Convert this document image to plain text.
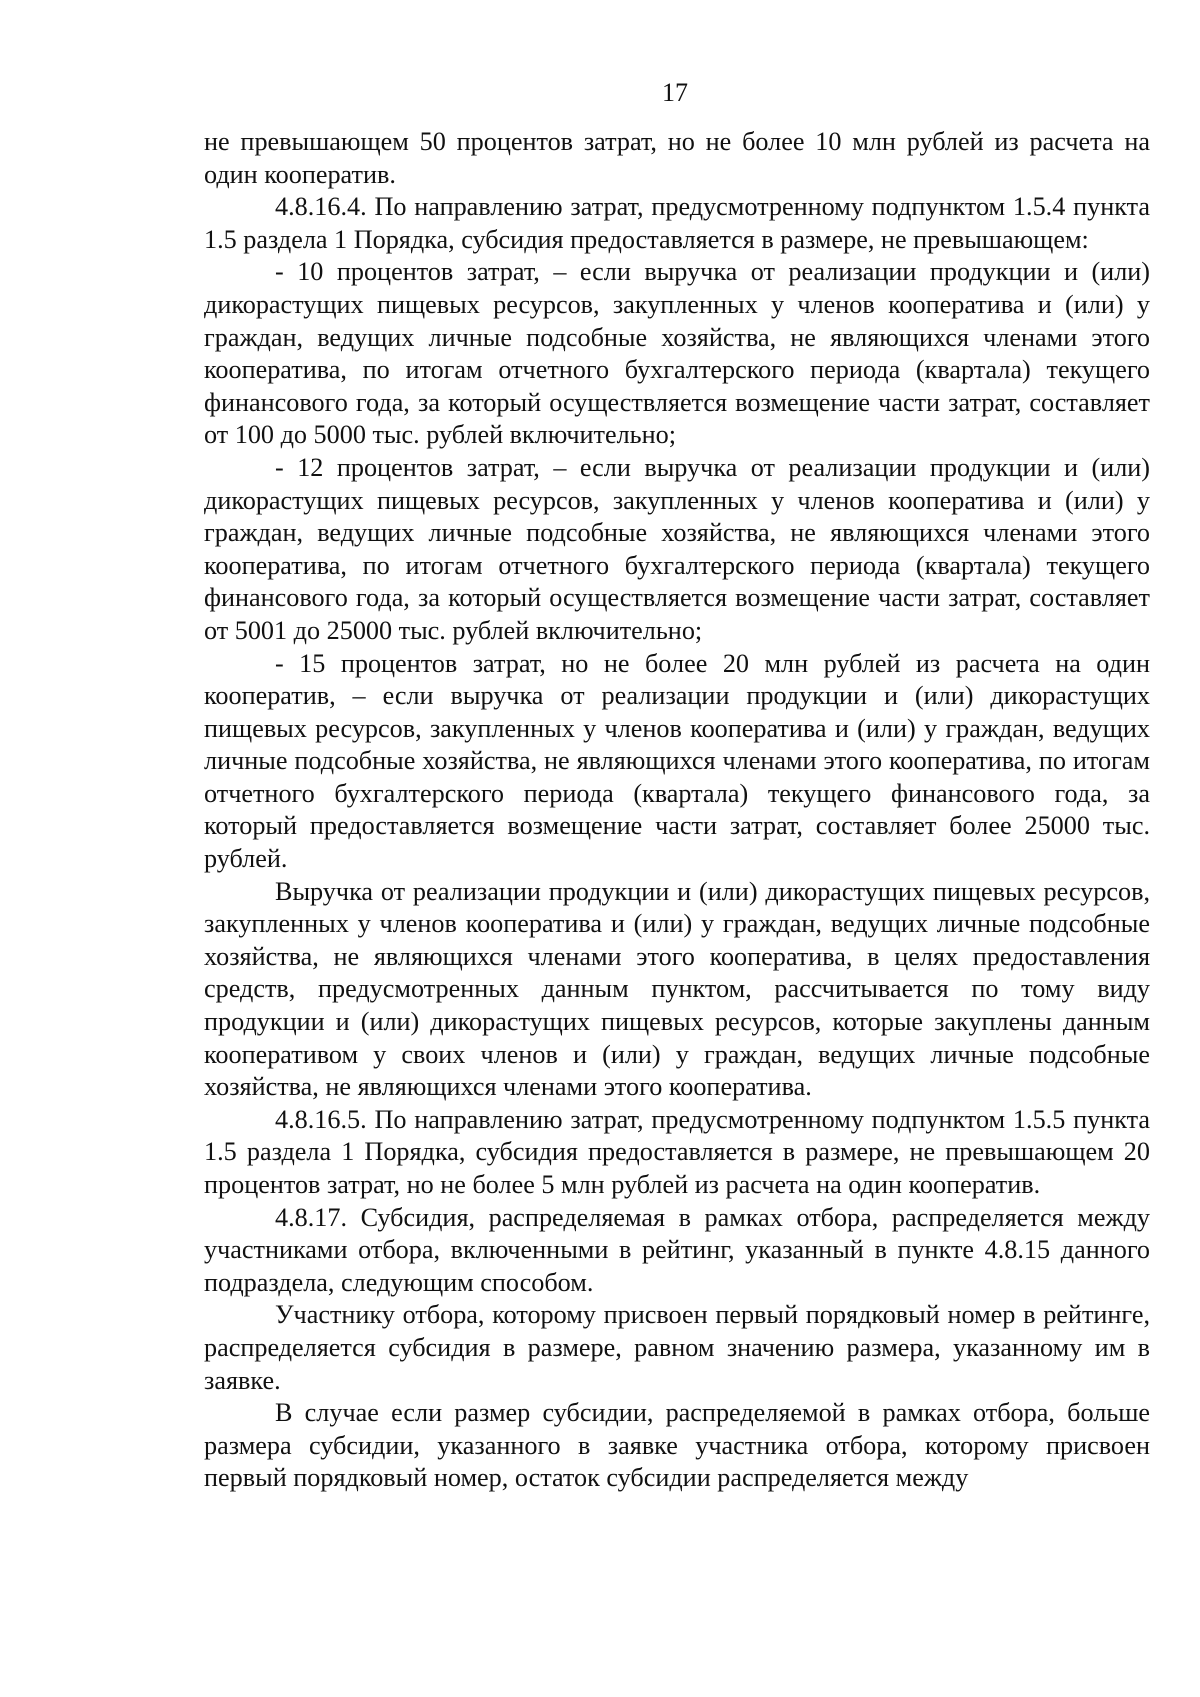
17

не превышающем 50 процентов затрат, но не более 10 млн рублей из расчета на один кооператив.

4.8.16.4. По направлению затрат, предусмотренному подпунктом 1.5.4 пункта 1.5 раздела 1 Порядка, субсидия предоставляется в размере, не превышающем:

- 10 процентов затрат, – если выручка от реализации продукции и (или) дикорастущих пищевых ресурсов, закупленных у членов кооператива и (или) у граждан, ведущих личные подсобные хозяйства, не являющихся членами этого кооператива, по итогам отчетного бухгалтерского периода (квартала) текущего финансового года, за который осуществляется возмещение части затрат, составляет от 100 до 5000 тыс. рублей включительно;

- 12 процентов затрат, – если выручка от реализации продукции и (или) дикорастущих пищевых ресурсов, закупленных у членов кооператива и (или) у граждан, ведущих личные подсобные хозяйства, не являющихся членами этого кооператива, по итогам отчетного бухгалтерского периода (квартала) текущего финансового года, за который осуществляется возмещение части затрат, составляет от 5001 до 25000 тыс. рублей включительно;

- 15 процентов затрат, но не более 20 млн рублей из расчета на один кооператив, – если выручка от реализации продукции и (или) дикорастущих пищевых ресурсов, закупленных у членов кооператива и (или) у граждан, ведущих личные подсобные хозяйства, не являющихся членами этого кооператива, по итогам отчетного бухгалтерского периода (квартала) текущего финансового года, за который предоставляется возмещение части затрат, составляет более 25000 тыс. рублей.

Выручка от реализации продукции и (или) дикорастущих пищевых ресурсов, закупленных у членов кооператива и (или) у граждан, ведущих личные подсобные хозяйства, не являющихся членами этого кооператива, в целях предоставления средств, предусмотренных данным пунктом, рассчитывается по тому виду продукции и (или) дикорастущих пищевых ресурсов, которые закуплены данным кооперативом у своих членов и (или) у граждан, ведущих личные подсобные хозяйства, не являющихся членами этого кооператива.

4.8.16.5. По направлению затрат, предусмотренному подпунктом 1.5.5 пункта 1.5 раздела 1 Порядка, субсидия предоставляется в размере, не превышающем 20 процентов затрат, но не более 5 млн рублей из расчета на один кооператив.

4.8.17. Субсидия, распределяемая в рамках отбора, распределяется между участниками отбора, включенными в рейтинг, указанный в пункте 4.8.15 данного подраздела, следующим способом.

Участнику отбора, которому присвоен первый порядковый номер в рейтинге, распределяется субсидия в размере, равном значению размера, указанному им в заявке.

В случае если размер субсидии, распределяемой в рамках отбора, больше размера субсидии, указанного в заявке участника отбора, которому присвоен первый порядковый номер, остаток субсидии распределяется между
